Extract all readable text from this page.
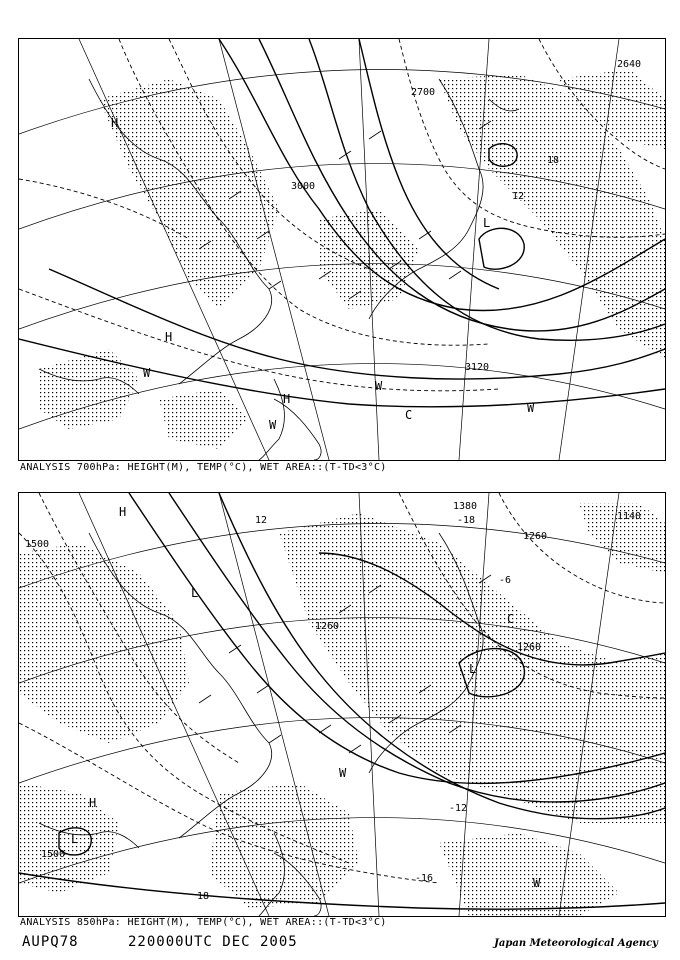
2700
3000
3120
2640
12
18
H
H
W
W
C	W
H
L
W
ANALYSIS 700hPa: HEIGHT(M), TEMP(°C), WET AREA::(T-TD<3°C)
1500
1500
1380
1260
1140
1260
1260
-18
12
-6
-12
-16
18
H
L
L
H
L
W
C
W
ANALYSIS 850hPa: HEIGHT(M), TEMP(°C), WET AREA::(T-TD<3°C)
AUPQ78	220000UTC DEC 2005	Japan Meteorological Agency
